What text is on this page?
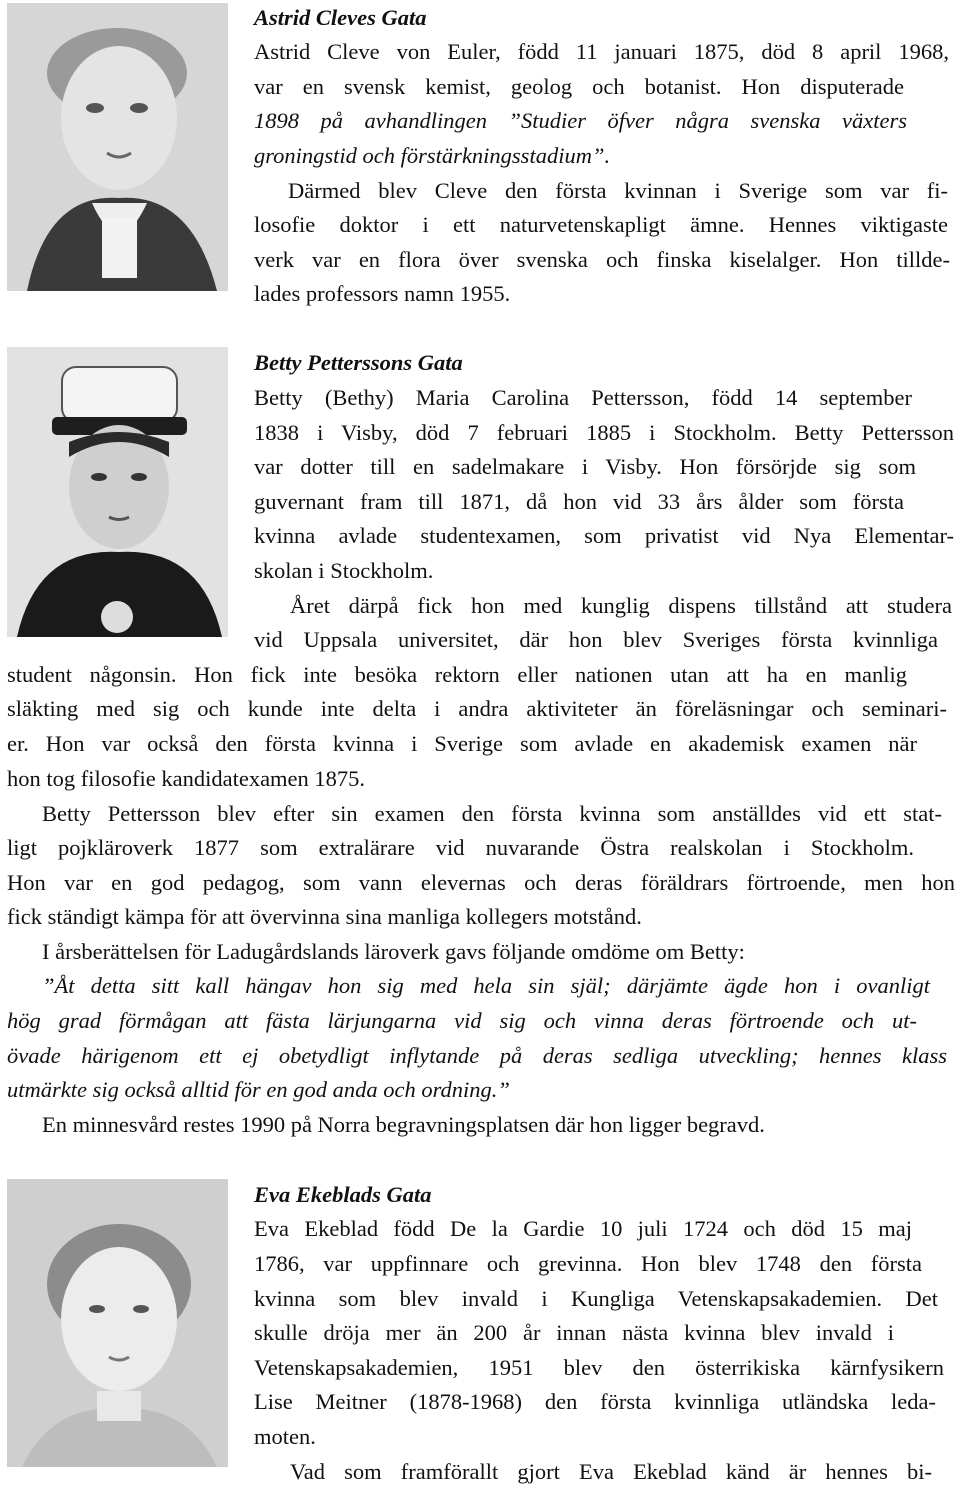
Astrid Cleves Gata
Astrid Cleve von Euler, född 11 januari 1875, död 8 april 1968,
var en svensk kemist, geolog och botanist. Hon disputerade
1898 på avhandlingen ”Studier öfver några svenska växters
groningstid och förstärkningsstadium”.
Därmed blev Cleve den första kvinnan i Sverige som var fi-
losofie doktor i ett naturvetenskapligt ämne. Hennes viktigaste
verk var en flora över svenska och finska kiselalger. Hon tillde-
lades professors namn 1955.
Betty Petterssons Gata
Betty (Bethy) Maria Carolina Pettersson, född 14 september
1838 i Visby, död 7 februari 1885 i Stockholm. Betty Pettersson
var dotter till en sadelmakare i Visby. Hon försörjde sig som
guvernant fram till 1871, då hon vid 33 års ålder som första
kvinna avlade studentexamen, som privatist vid Nya Elementar-
skolan i Stockholm.
Året därpå fick hon med kunglig dispens tillstånd att studera
vid Uppsala universitet, där hon blev Sveriges första kvinnliga
student någonsin. Hon fick inte besöka rektorn eller nationen utan att ha en manlig
släkting med sig och kunde inte delta i andra aktiviteter än föreläsningar och seminari-
er. Hon var också den första kvinna i Sverige som avlade en akademisk examen när
hon tog filosofie kandidatexamen 1875.
Betty Pettersson blev efter sin examen den första kvinna som anställdes vid ett stat-
ligt pojkläroverk 1877 som extralärare vid nuvarande Östra realskolan i Stockholm.
Hon var en god pedagog, som vann elevernas och deras föräldrars förtroende, men hon
fick ständigt kämpa för att övervinna sina manliga kollegers motstånd.
I årsberättelsen för Ladugårdslands läroverk gavs följande omdöme om Betty:
”Åt detta sitt kall hängav hon sig med hela sin själ; därjämte ägde hon i ovanligt
hög grad förmågan att fästa lärjungarna vid sig och vinna deras förtroende och ut-
övade härigenom ett ej obetydligt inflytande på deras sedliga utveckling; hennes klass
utmärkte sig också alltid för en god anda och ordning.”
En minnesvård restes 1990 på Norra begravningsplatsen där hon ligger begravd.
Eva Ekeblads Gata
Eva Ekeblad född De la Gardie 10 juli 1724 och död 15 maj
1786, var uppfinnare och grevinna. Hon blev 1748 den första
kvinna som blev invald i Kungliga Vetenskapsakademien. Det
skulle dröja mer än 200 år innan nästa kvinna blev invald i
Vetenskapsakademien, 1951 blev den österrikiska kärnfysikern
Lise Meitner (1878-1968) den första kvinnliga utländska leda-
moten.
Vad som framförallt gjort Eva Ekeblad känd är hennes bi-
